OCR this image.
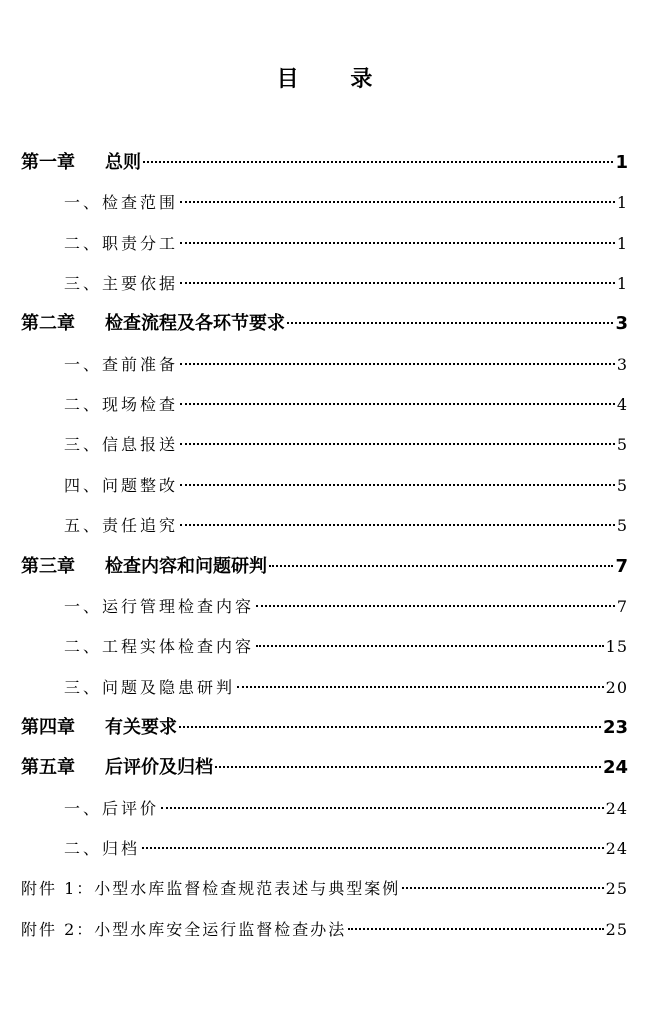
目 录
第一章 总则	1
一、检查范围	1
二、职责分工	1
三、主要依据	1
第二章 检查流程及各环节要求	3
一、查前准备	3
二、现场检查	4
三、信息报送	5
四、问题整改	5
五、责任追究	5
第三章 检查内容和问题研判	7
一、运行管理检查内容	7
二、工程实体检查内容	15
三、问题及隐患研判	20
第四章 有关要求	23
第五章 后评价及归档	24
一、后评价	24
二、归档	24
附件 1：小型水库监督检查规范表述与典型案例	25
附件 2：小型水库安全运行监督检查办法	25
